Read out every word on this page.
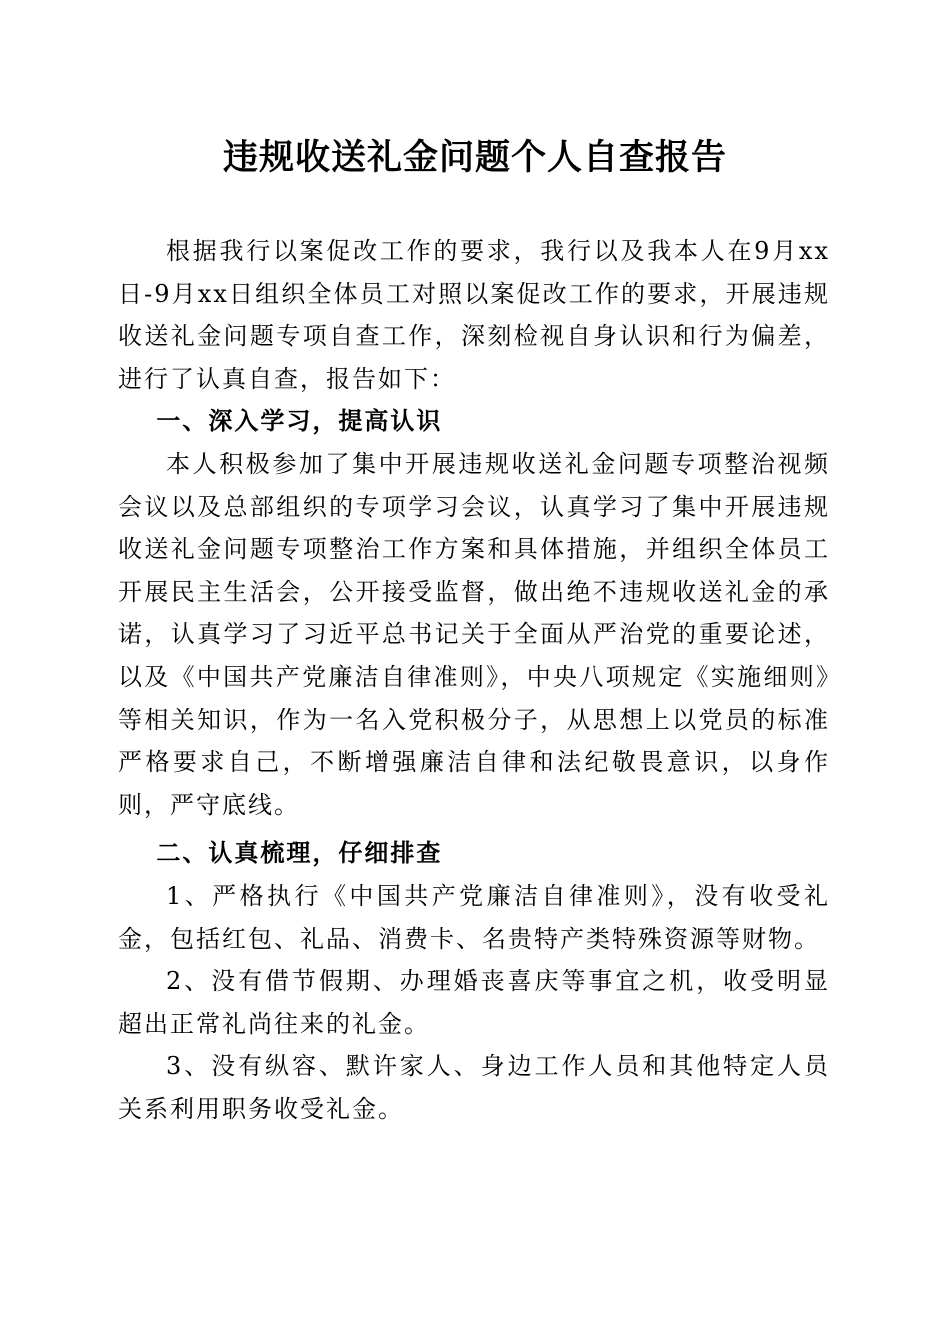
违规收送礼金问题个人自查报告

根据我行以案促改工作的要求，我行以及我本人在9月xx日-9月xx日组织全体员工对照以案促改工作的要求，开展违规收送礼金问题专项自查工作，深刻检视自身认识和行为偏差，进行了认真自查，报告如下：

一、深入学习，提高认识

本人积极参加了集中开展违规收送礼金问题专项整治视频会议以及总部组织的专项学习会议，认真学习了集中开展违规收送礼金问题专项整治工作方案和具体措施，并组织全体员工开展民主生活会，公开接受监督，做出绝不违规收送礼金的承诺，认真学习了习近平总书记关于全面从严治党的重要论述，以及《中国共产党廉洁自律准则》，中央八项规定《实施细则》等相关知识，作为一名入党积极分子，从思想上以党员的标准严格要求自己，不断增强廉洁自律和法纪敬畏意识，以身作则，严守底线。

二、认真梳理，仔细排查

1、严格执行《中国共产党廉洁自律准则》，没有收受礼金，包括红包、礼品、消费卡、名贵特产类特殊资源等财物。

2、没有借节假期、办理婚丧喜庆等事宜之机，收受明显超出正常礼尚往来的礼金。

3、没有纵容、默许家人、身边工作人员和其他特定人员关系利用职务收受礼金。
